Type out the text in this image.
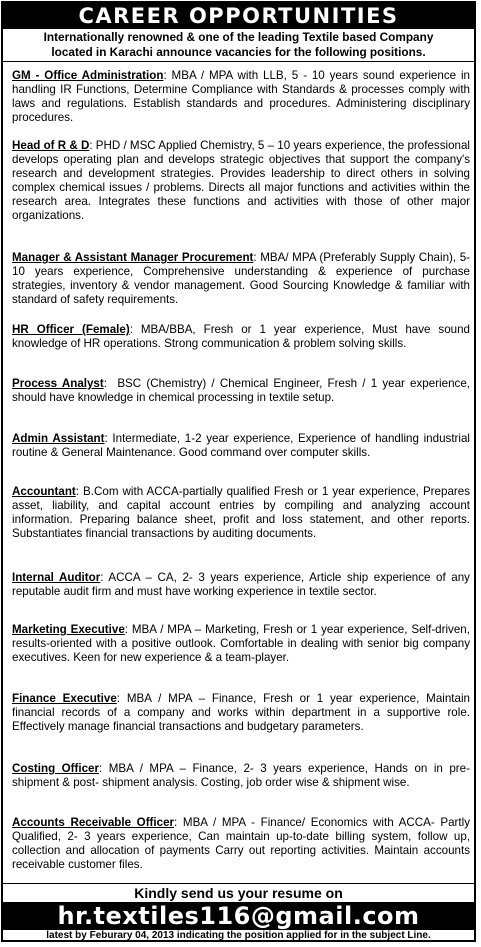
CAREER OPPORTUNITIES
Internationally renowned & one of the leading Textile based Company
located in Karachi announce vacancies for the following positions.
GM - Office Administration: MBA / MPA with LLB, 5 - 10 years sound experience in handling IR Functions, Determine Compliance with Standards & processes comply with laws and regulations. Establish standards and procedures. Administering disciplinary procedures.
Head of R & D: PHD / MSC Applied Chemistry, 5 – 10 years experience, the professional develops operating plan and develops strategic objectives that support the company's research and development strategies. Provides leadership to direct others in solving complex chemical issues / problems. Directs all major functions and activities within the research area. Integrates these functions and activities with those of other major organizations.
Manager & Assistant Manager Procurement: MBA/ MPA (Preferably Supply Chain), 5-10 years experience, Comprehensive understanding & experience of purchase strategies, inventory & vendor management. Good Sourcing Knowledge & familiar with standard of safety requirements.
HR Officer (Female): MBA/BBA, Fresh or 1 year experience, Must have sound knowledge of HR operations. Strong communication & problem solving skills.
Process Analyst:  BSC (Chemistry) / Chemical Engineer, Fresh / 1 year experience, should have knowledge in chemical processing in textile setup.
Admin Assistant: Intermediate, 1-2 year experience, Experience of handling industrial routine & General Maintenance. Good command over computer skills.
Accountant: B.Com with ACCA-partially qualified Fresh or 1 year experience, Prepares asset, liability, and capital account entries by compiling and analyzing account information. Preparing balance sheet, profit and loss statement, and other reports. Substantiates financial transactions by auditing documents.
Internal Auditor: ACCA – CA, 2- 3 years experience, Article ship experience of any reputable audit firm and must have working experience in textile sector.
Marketing Executive: MBA / MPA – Marketing, Fresh or 1 year experience, Self-driven, results-oriented with a positive outlook. Comfortable in dealing with senior big company executives. Keen for new experience & a team-player.
Finance Executive: MBA / MPA – Finance, Fresh or 1 year experience, Maintain financial records of a company and works within department in a supportive role. Effectively manage financial transactions and budgetary parameters.
Costing Officer: MBA / MPA – Finance, 2- 3 years experience, Hands on in pre- shipment & post- shipment analysis. Costing, job order wise & shipment wise.
Accounts Receivable Officer: MBA / MPA - Finance/ Economics with ACCA- Partly Qualified, 2- 3 years experience, Can maintain up-to-date billing system, follow up, collection and allocation of payments Carry out reporting activities. Maintain accounts receivable customer files.
Kindly send us your resume on
hr.textiles116@gmail.com
latest by Feburary 04, 2013 indicating the position applied for in the subject Line.
